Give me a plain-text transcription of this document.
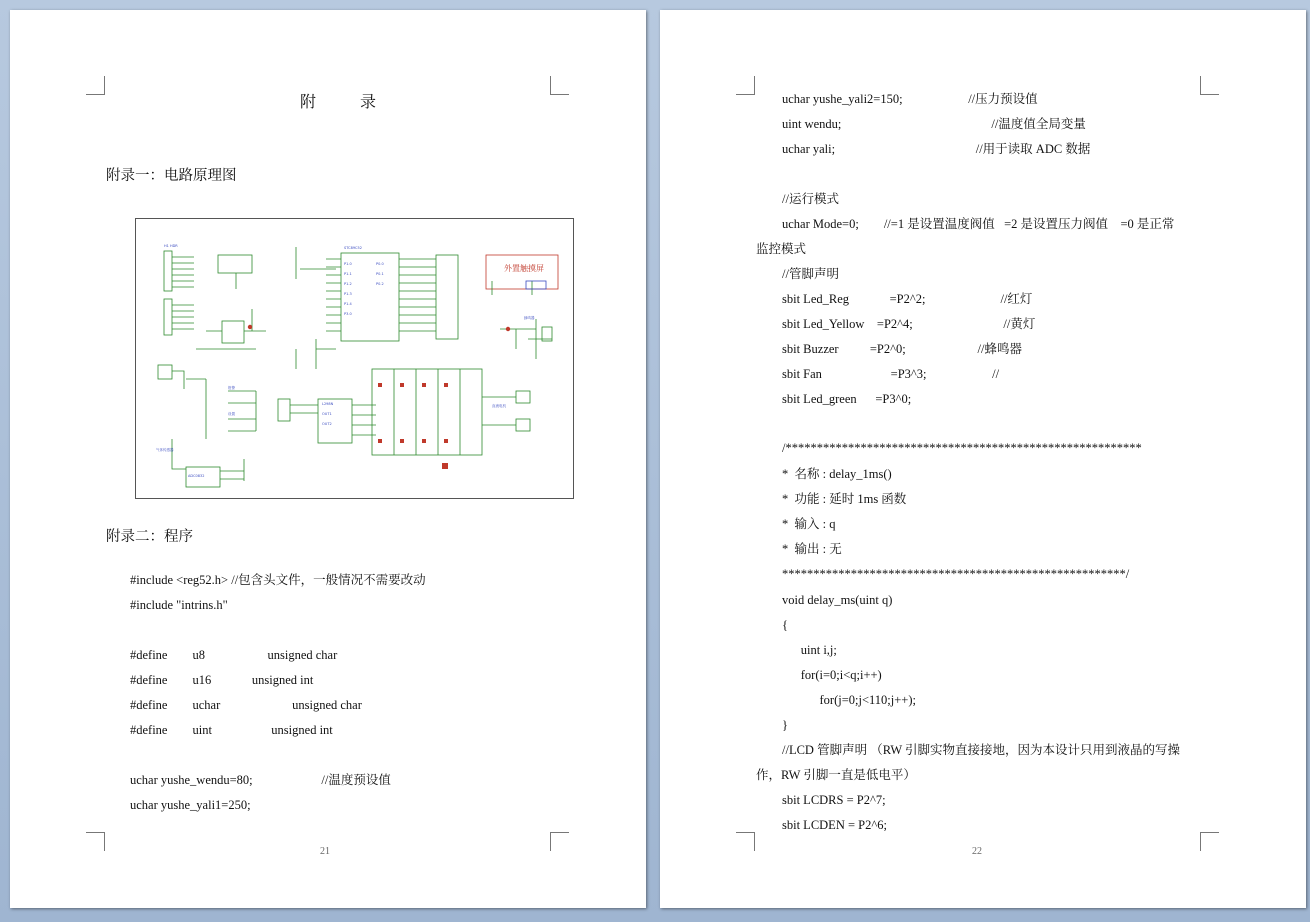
附 录
附录一：电路原理图
H1 HDR	STC89C52
P1.0
P1.1
P1.2
P1.3
P1.4
P3.0
P0.0
P0.1
P0.2
L298N
OUT1
OUT2
ADC0832
报警
设置
直流电机
蜂鸣器
气体传感器
外置触摸屏
附录二：程序
#include <reg52.h> //包含头文件，一般情况不需要改动
#include "intrins.h"
#define        u8                    unsigned char
#define        u16             unsigned int
#define        uchar                       unsigned char
#define        uint                   unsigned int
uchar yushe_wendu=80;                      //温度预设值
uchar yushe_yali1=250;
21
uchar yushe_yali2=150;                     //压力预设值
uint wendu;                                                //温度值全局变量
uchar yali;                                             //用于读取 ADC 数据
//运行模式
uchar Mode=0;        //=1 是设置温度阀值   =2 是设置压力阀值    =0 是正常
监控模式
//管脚声明
sbit Led_Reg             =P2^2;                        //红灯
sbit Led_Yellow    =P2^4;                             //黄灯
sbit Buzzer          =P2^0;                       //蜂鸣器
sbit Fan                      =P3^3;                     //
sbit Led_green      =P3^0;
/*********************************************************
*  名称 : delay_1ms()
*  功能 : 延时 1ms 函数
*  输入 : q
*  输出 : 无
*******************************************************/
void delay_ms(uint q)
{
uint i,j;
for(i=0;i<q;i++)
for(j=0;j<110;j++);
}
//LCD 管脚声明 （RW 引脚实物直接接地，因为本设计只用到液晶的写操
作，RW 引脚一直是低电平）
sbit LCDRS = P2^7;
sbit LCDEN = P2^6;
22
